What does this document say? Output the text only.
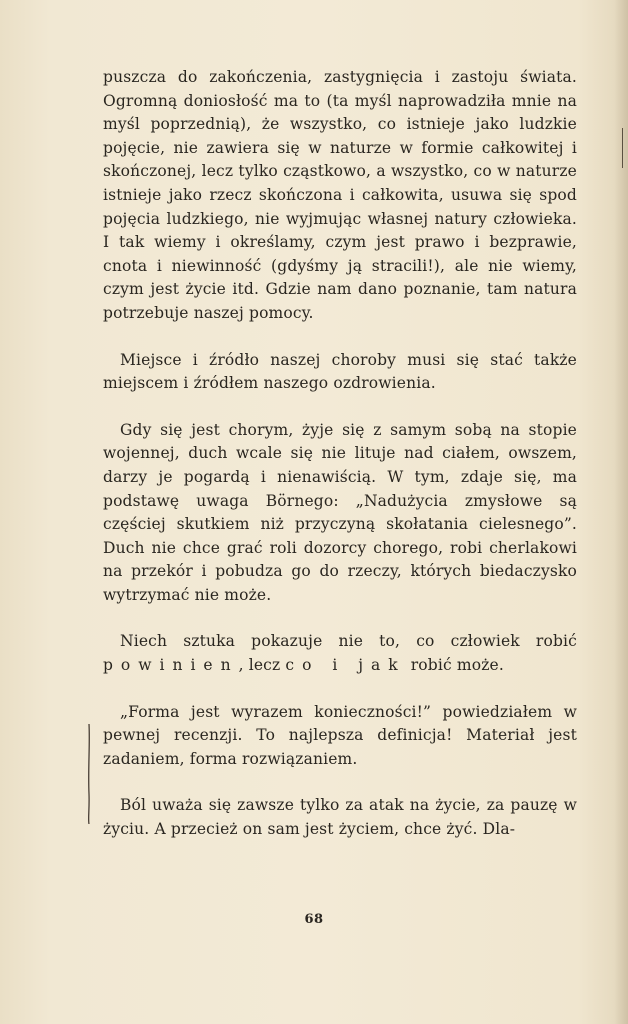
puszcza do zakończenia, zastygnięcia i zastoju świata. Ogromną doniosłość ma to (ta myśl naprowadziła mnie na myśl poprzednią), że wszystko, co istnieje jako ludzkie pojęcie, nie zawiera się w naturze w formie całkowitej i skończonej, lecz tylko cząstkowo, a wszystko, co w naturze istnieje jako rzecz skończona i całkowita, usuwa się spod pojęcia ludzkiego, nie wyjmując własnej natury człowieka. I tak wiemy i określamy, czym jest prawo i bezprawie, cnota i niewinność (gdyśmy ją stracili!), ale nie wiemy, czym jest życie itd. Gdzie nam dano poznanie, tam natura potrzebuje naszej pomocy.

Miejsce i źródło naszej choroby musi się stać także miejscem i źródłem naszego ozdrowienia.

Gdy się jest chorym, żyje się z samym sobą na stopie wojennej, duch wcale się nie lituje nad ciałem, owszem, darzy je pogardą i nienawiścią. W tym, zdaje się, ma podstawę uwaga Börnego: „Nadużycia zmysłowe są częściej skutkiem niż przyczyną skołatania cielesnego”. Duch nie chce grać roli dozorcy chorego, robi cherlakowi na przekór i pobudza go do rzeczy, których biedaczysko wytrzymać nie może.

Niech sztuka pokazuje nie to, co człowiek robić powinien, lecz co i jak robić może.

„Forma jest wyrazem konieczności!” powiedziałem w pewnej recenzji. To najlepsza definicja! Materiał jest zadaniem, forma rozwiązaniem.

Ból uważa się zawsze tylko za atak na życie, za pauzę w życiu. A przecież on sam jest życiem, chce żyć. Dla-

68
